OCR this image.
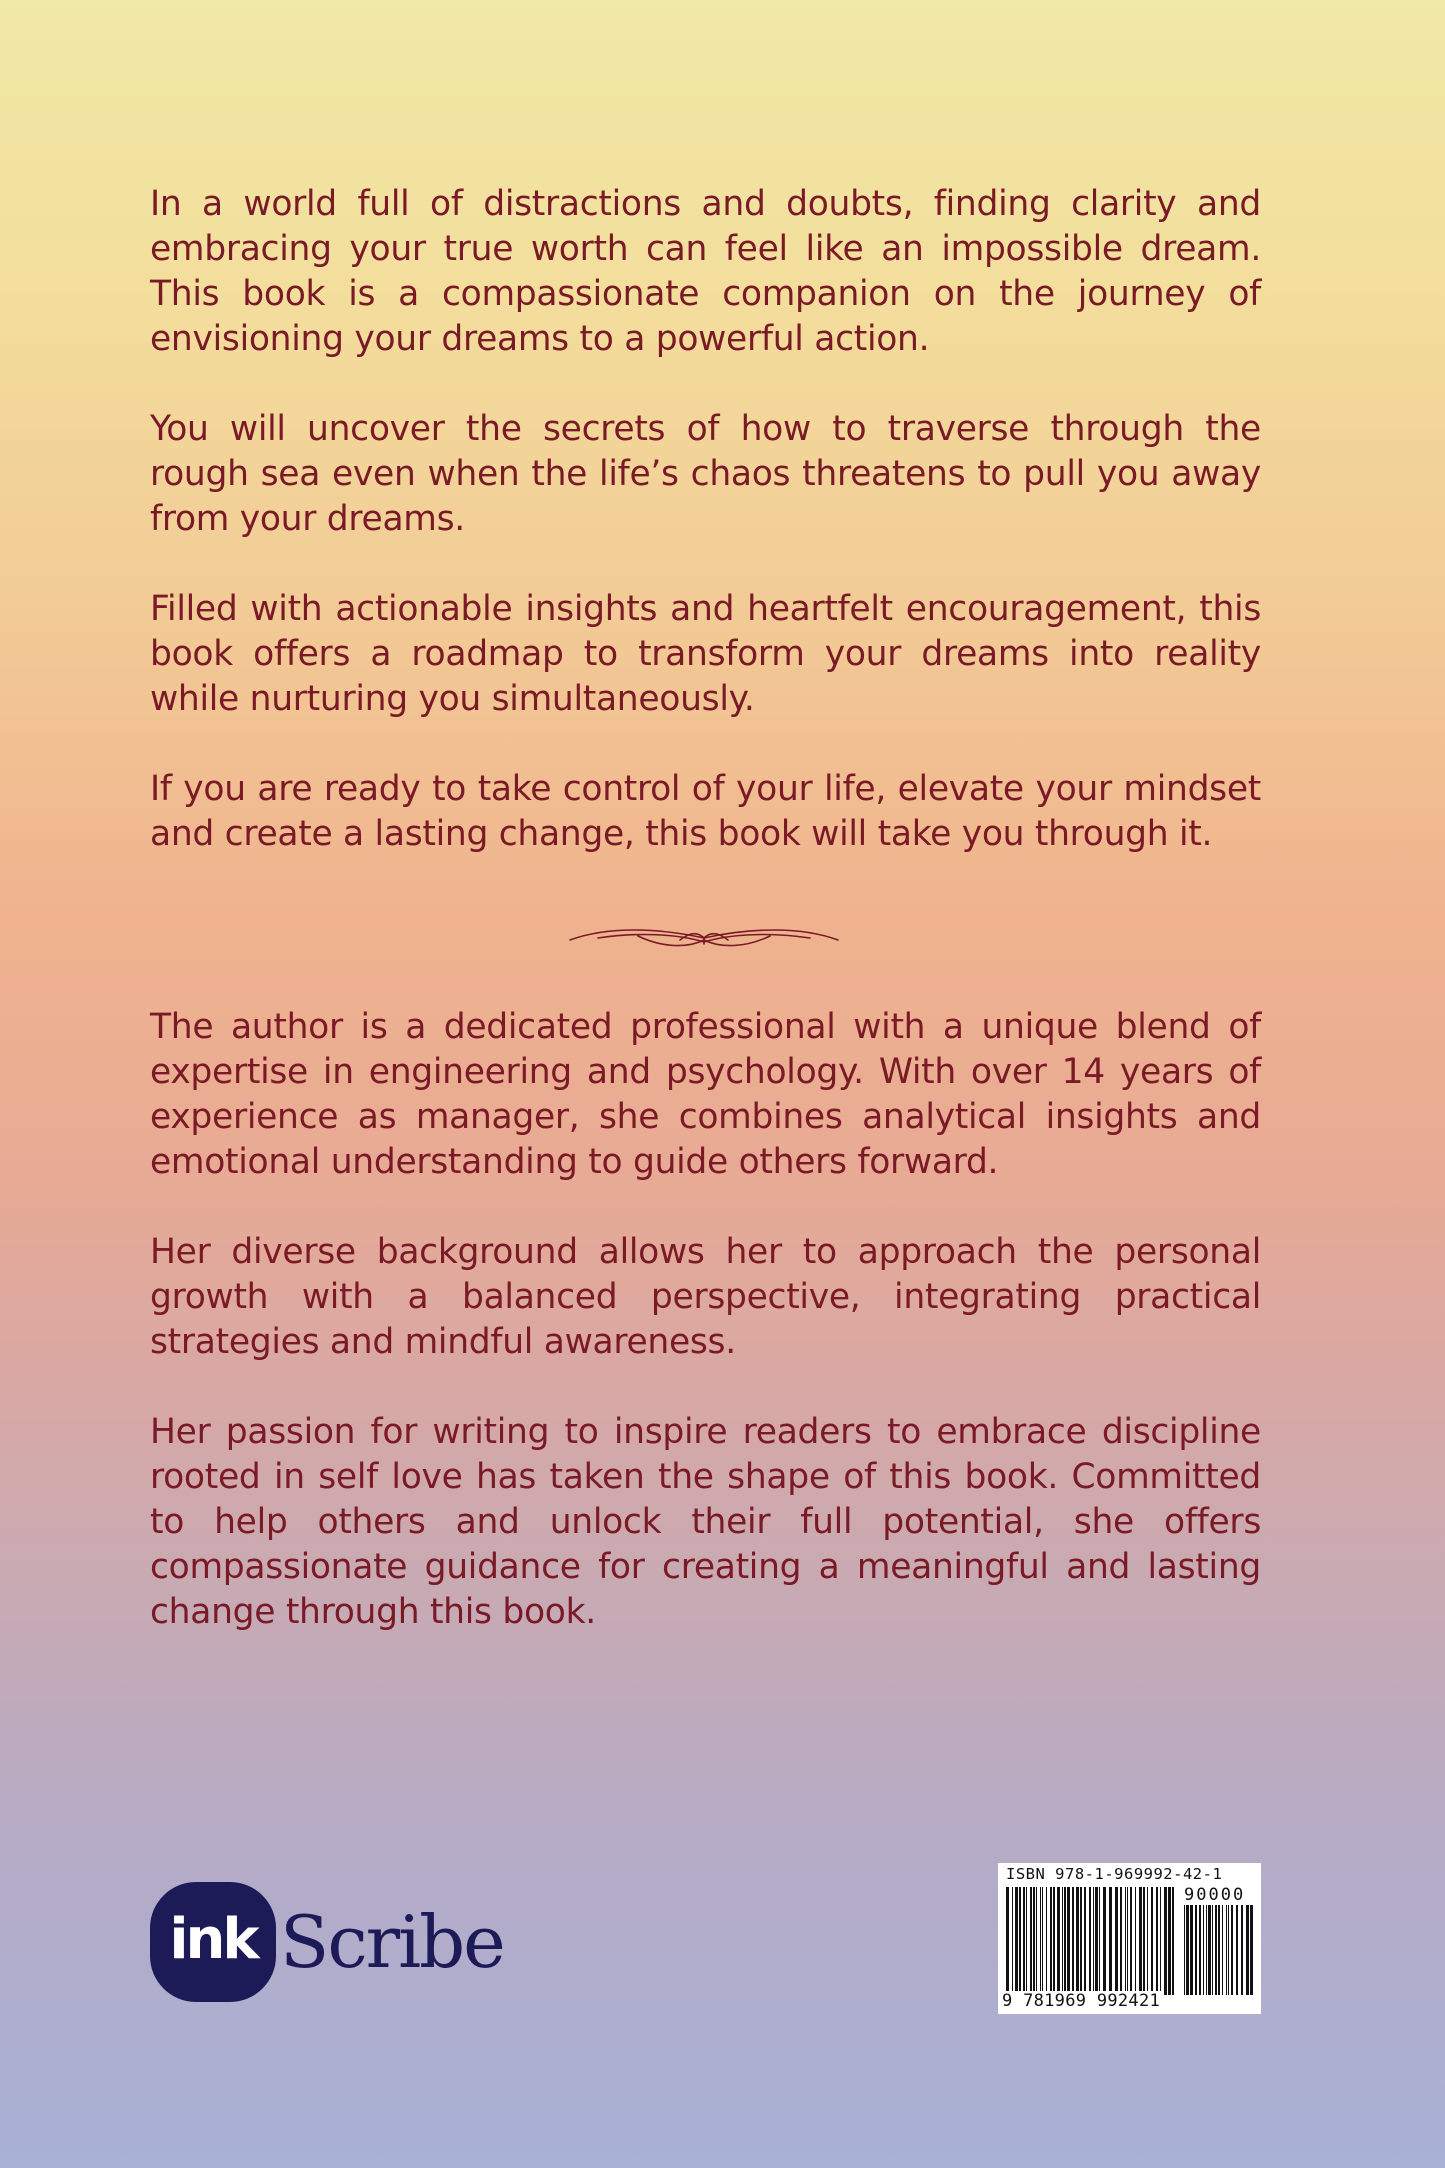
In a world full of distractions and doubts, finding clarity and embracing your true worth can feel like an impossible dream. This book is a compassionate companion on the journey of envisioning your dreams to a powerful action.

You will uncover the secrets of how to traverse through the rough sea even when the life’s chaos threatens to pull you away from your dreams.

Filled with actionable insights and heartfelt encouragement, this book offers a roadmap to transform your dreams into reality while nurturing you simultaneously.

If you are ready to take control of your life, elevate your mindset and create a lasting change, this book will take you through it.

The author is a dedicated professional with a unique blend of expertise in engineering and psychology. With over 14 years of experience as manager, she combines analytical insights and emotional understanding to guide others forward.

Her diverse background allows her to approach the personal growth with a balanced perspective, integrating practical strategies and mindful awareness.

Her passion for writing to inspire readers to embrace discipline rooted in self love has taken the shape of this book. Committed to help others and unlock their full potential, she offers compassionate guidance for creating a meaningful and lasting change through this book.

ink Scribe
ISBN 978-1-969992-42-1
90000
9 781969 992421
